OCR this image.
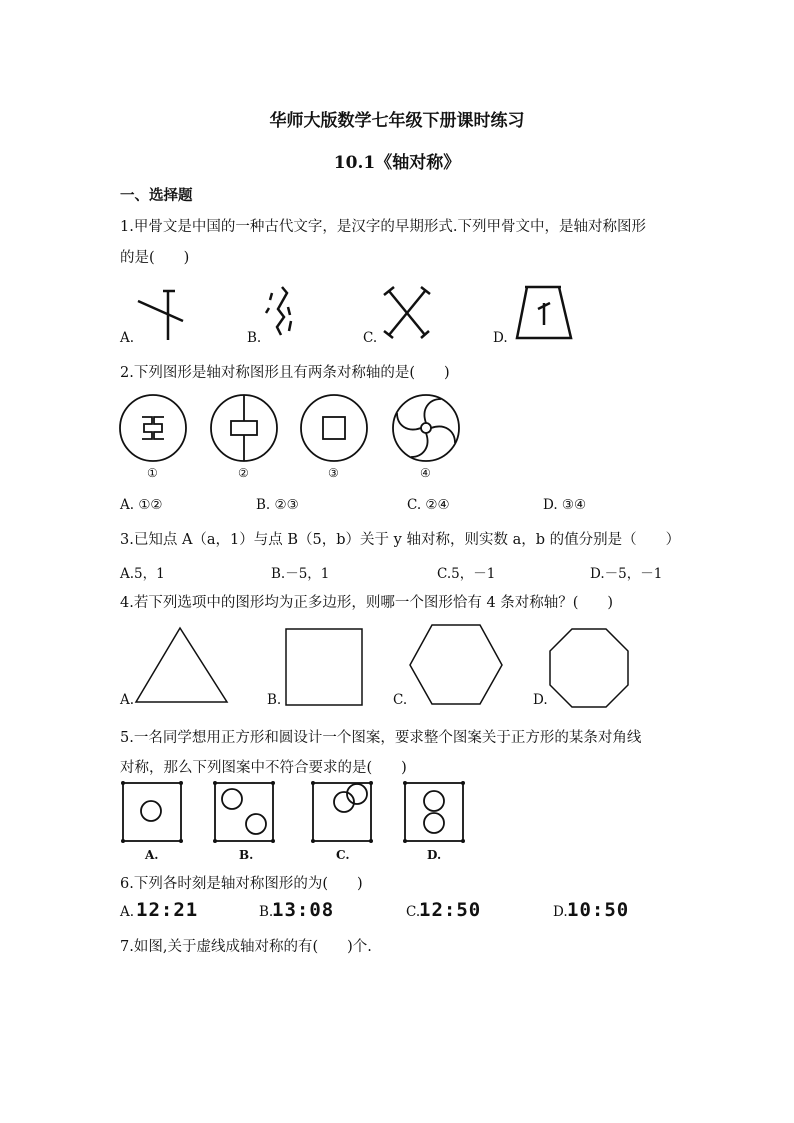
华师大版数学七年级下册课时练习
10.1《轴对称》
一、选择题
1.甲骨文是中国的一种古代文字，是汉字的早期形式.下列甲骨文中，是轴对称图形
的是(　　)
A.	B.	C.	D.
2.下列图形是轴对称图形且有两条对称轴的是(　　)
①	②	③	④
A. ①②	B. ②③	C. ②④	D. ③④
3.已知点 A（a，1）与点 B（5，b）关于 y 轴对称，则实数 a，b 的值分别是（　　）
A.5，1	B.－5，1	C.5，－1	D.－5，－1
4.若下列选项中的图形均为正多边形，则哪一个图形恰有 4 条对称轴？(　　)
A.	B.	C.	D.
5.一名同学想用正方形和圆设计一个图案，要求整个图案关于正方形的某条对角线
对称，那么下列图案中不符合要求的是(　　)
A.	B.	C.	D.
6.下列各时刻是轴对称图形的为(　　)
A. 12:21	B.
13:08	C.
12:50	D. 10:50
7.如图,关于虚线成轴对称的有(　　)个.
